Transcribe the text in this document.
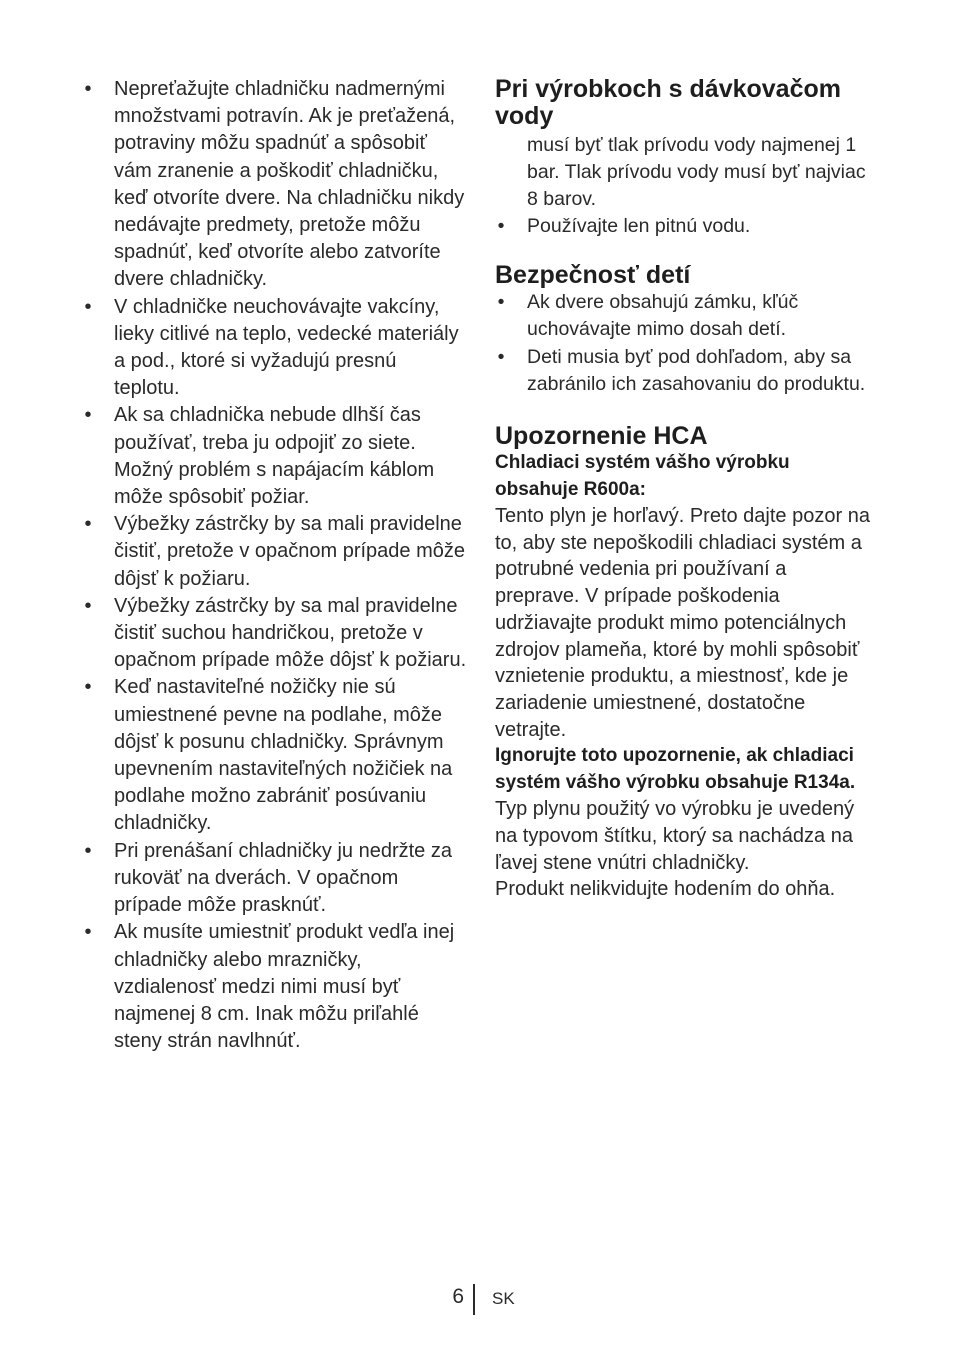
• Nepreťažujte chladničku nadmernými množstvami potravín. Ak je preťažená, potraviny môžu spadnúť a spôsobiť vám zranenie a poškodiť chladničku, keď otvoríte dvere. Na chladničku nikdy nedávajte predmety, pretože môžu spadnúť, keď otvoríte alebo zatvoríte dvere chladničky.
• V chladničke neuchovávajte vakcíny, lieky citlivé na teplo, vedecké materiály a pod., ktoré si vyžadujú presnú teplotu.
• Ak sa chladnička nebude dlhší čas používať, treba ju odpojiť zo siete. Možný problém s napájacím káblom môže spôsobiť požiar.
• Výbežky zástrčky by sa mali pravidelne čistiť, pretože v opačnom prípade môže dôjsť k požiaru.
• Výbežky zástrčky by sa mal pravidelne čistiť suchou handričkou, pretože v opačnom prípade môže dôjsť k požiaru.
• Keď nastaviteľné nožičky nie sú umiestnené pevne na podlahe, môže dôjsť k posunu chladničky. Správnym upevnením nastaviteľných nožičiek na podlahe možno zabrániť posúvaniu chladničky.
• Pri prenášaní chladničky ju nedržte za rukoväť na dverách. V opačnom prípade môže prasknúť.
• Ak musíte umiestniť produkt vedľa inej chladničky alebo mrazničky, vzdialenosť medzi nimi musí byť najmenej 8 cm. Inak môžu priľahlé steny strán navlhnúť.
Pri výrobkoch s dávkovačom vody
musí byť tlak prívodu vody najmenej 1 bar. Tlak prívodu vody musí byť najviac 8 barov.
• Používajte len pitnú vodu.
Bezpečnosť detí
• Ak dvere obsahujú zámku, kľúč uchovávajte mimo dosah detí.
• Deti musia byť pod dohľadom, aby sa zabránilo ich zasahovaniu do produktu.
Upozornenie HCA
Chladiaci systém vášho výrobku obsahuje R600a:
Tento plyn je horľavý. Preto dajte pozor na to, aby ste nepoškodili chladiaci systém a potrubné vedenia pri používaní a preprave. V prípade poškodenia udržiavajte produkt mimo potenciálnych zdrojov plameňa, ktoré by mohli spôsobiť vznietenie produktu, a miestnosť, kde je zariadenie umiestnené, dostatočne vetrajte.
Ignorujte toto upozornenie, ak chladiaci systém vášho výrobku obsahuje R134a.
Typ plynu použitý vo výrobku je uvedený na typovom štítku, ktorý sa nachádza na ľavej stene vnútri chladničky.
Produkt nelikvidujte hodením do ohňa.
6 SK
